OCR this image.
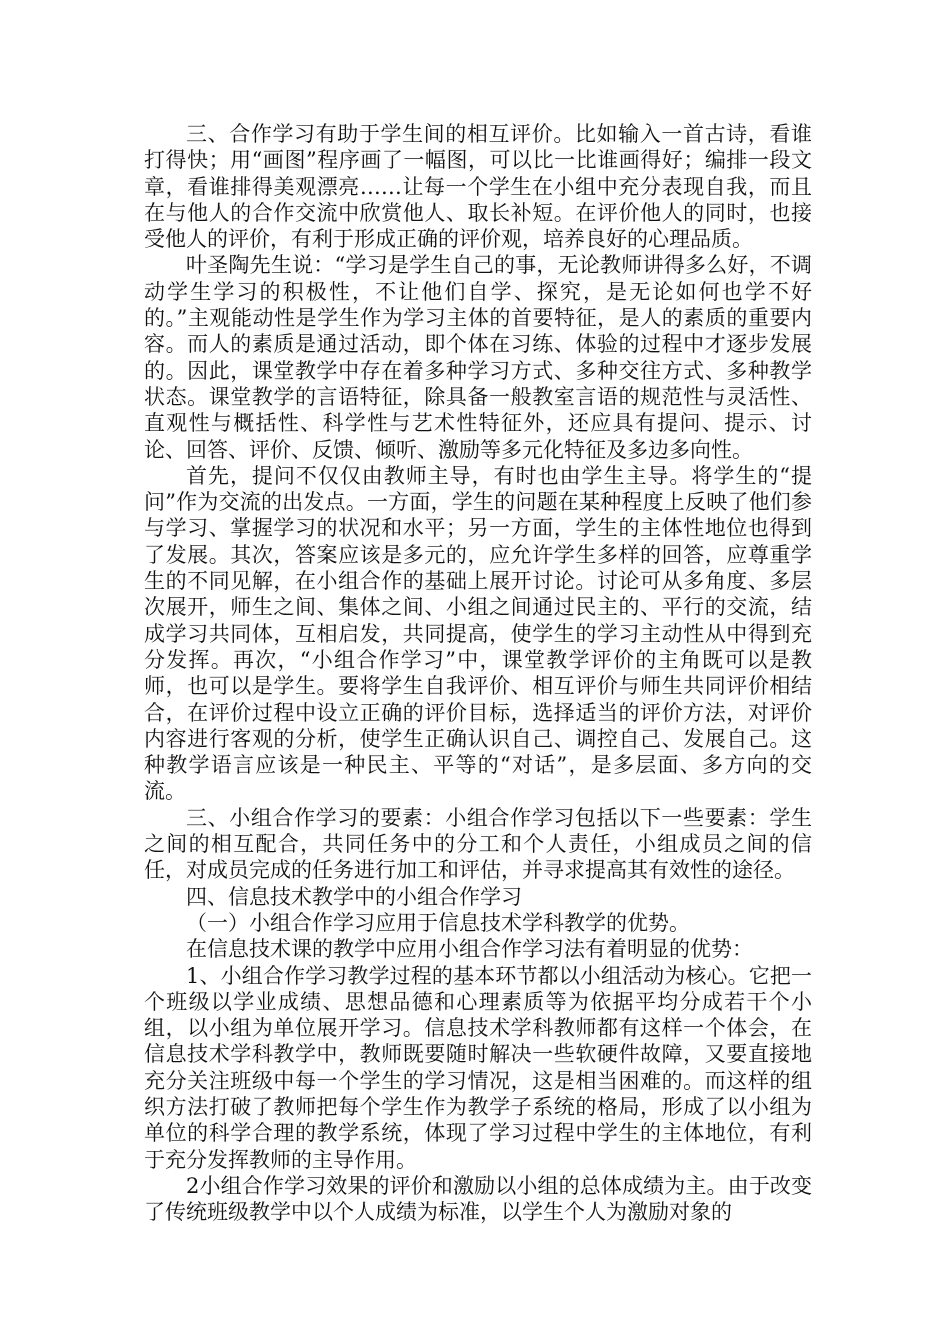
三、合作学习有助于学生间的相互评价。比如输入一首古诗，看谁打得快；用“画图”程序画了一幅图，可以比一比谁画得好；编排一段文章，看谁排得美观漂亮……让每一个学生在小组中充分表现自我，而且在与他人的合作交流中欣赏他人、取长补短。在评价他人的同时，也接受他人的评价，有利于形成正确的评价观，培养良好的心理品质。

叶圣陶先生说：“学习是学生自己的事，无论教师讲得多么好，不调动学生学习的积极性，不让他们自学、探究，是无论如何也学不好的。”主观能动性是学生作为学习主体的首要特征，是人的素质的重要内容。而人的素质是通过活动，即个体在习练、体验的过程中才逐步发展的。因此，课堂教学中存在着多种学习方式、多种交往方式、多种教学状态。课堂教学的言语特征，除具备一般教室言语的规范性与灵活性、直观性与概括性、科学性与艺术性特征外，还应具有提问、提示、讨论、回答、评价、反馈、倾听、激励等多元化特征及多边多向性。

首先，提问不仅仅由教师主导，有时也由学生主导。将学生的“提问”作为交流的出发点。一方面，学生的问题在某种程度上反映了他们参与学习、掌握学习的状况和水平；另一方面，学生的主体性地位也得到了发展。其次，答案应该是多元的，应允许学生多样的回答，应尊重学生的不同见解，在小组合作的基础上展开讨论。讨论可从多角度、多层次展开，师生之间、集体之间、小组之间通过民主的、平行的交流，结成学习共同体，互相启发，共同提高，使学生的学习主动性从中得到充分发挥。再次，“小组合作学习”中，课堂教学评价的主角既可以是教师，也可以是学生。要将学生自我评价、相互评价与师生共同评价相结合，在评价过程中设立正确的评价目标，选择适当的评价方法，对评价内容进行客观的分析，使学生正确认识自己、调控自己、发展自己。这种教学语言应该是一种民主、平等的“对话”，是多层面、多方向的交流。

三、小组合作学习的要素：小组合作学习包括以下一些要素：学生之间的相互配合，共同任务中的分工和个人责任，小组成员之间的信任，对成员完成的任务进行加工和评估，并寻求提高其有效性的途径。

四、信息技术教学中的小组合作学习

（一）小组合作学习应用于信息技术学科教学的优势。

在信息技术课的教学中应用小组合作学习法有着明显的优势：

1、小组合作学习教学过程的基本环节都以小组活动为核心。它把一个班级以学业成绩、思想品德和心理素质等为依据平均分成若干个小组，以小组为单位展开学习。信息技术学科教师都有这样一个体会，在信息技术学科教学中，教师既要随时解决一些软硬件故障，又要直接地充分关注班级中每一个学生的学习情况，这是相当困难的。而这样的组织方法打破了教师把每个学生作为教学子系统的格局，形成了以小组为单位的科学合理的教学系统，体现了学习过程中学生的主体地位，有利于充分发挥教师的主导作用。

2小组合作学习效果的评价和激励以小组的总体成绩为主。由于改变了传统班级教学中以个人成绩为标准，以学生个人为激励对象的
